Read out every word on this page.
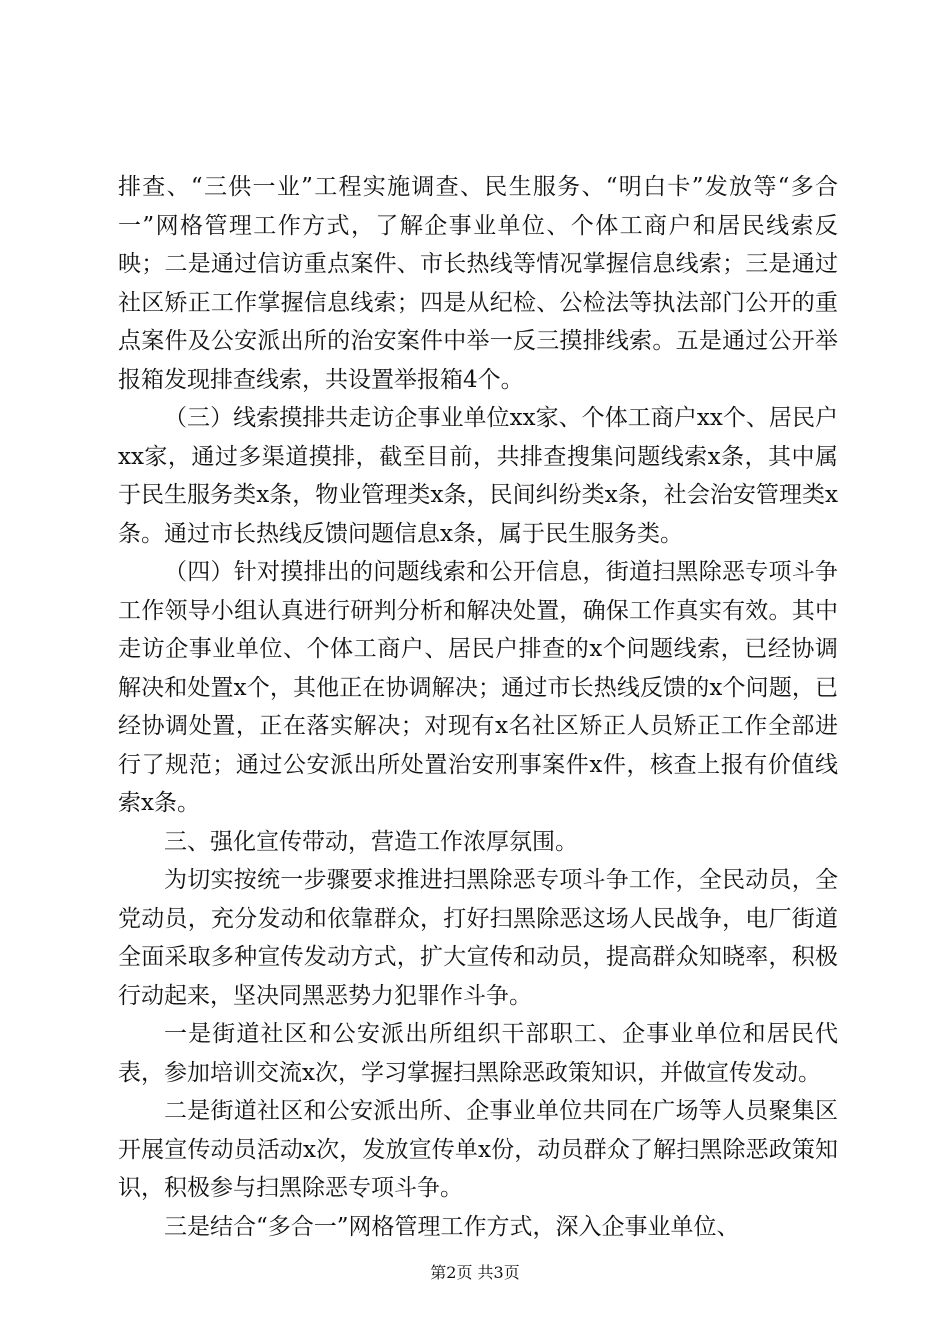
排查、“三供一业”工程实施调查、民生服务、“明白卡”发放等“多合一”网格管理工作方式，了解企事业单位、个体工商户和居民线索反映；二是通过信访重点案件、市长热线等情况掌握信息线索；三是通过社区矫正工作掌握信息线索；四是从纪检、公检法等执法部门公开的重点案件及公安派出所的治安案件中举一反三摸排线索。五是通过公开举报箱发现排查线索，共设置举报箱4个。

（三）线索摸排共走访企事业单位xx家、个体工商户xx个、居民户xx家，通过多渠道摸排，截至目前，共排查搜集问题线索x条，其中属于民生服务类x条，物业管理类x条，民间纠纷类x条，社会治安管理类x条。通过市长热线反馈问题信息x条，属于民生服务类。

（四）针对摸排出的问题线索和公开信息，街道扫黑除恶专项斗争工作领导小组认真进行研判分析和解决处置，确保工作真实有效。其中走访企事业单位、个体工商户、居民户排查的x个问题线索，已经协调解决和处置x个，其他正在协调解决；通过市长热线反馈的x个问题，已经协调处置，正在落实解决；对现有x名社区矫正人员矫正工作全部进行了规范；通过公安派出所处置治安刑事案件x件，核查上报有价值线索x条。

三、强化宣传带动，营造工作浓厚氛围。

为切实按统一步骤要求推进扫黑除恶专项斗争工作，全民动员，全党动员，充分发动和依靠群众，打好扫黑除恶这场人民战争，电厂街道全面采取多种宣传发动方式，扩大宣传和动员，提高群众知晓率，积极行动起来，坚决同黑恶势力犯罪作斗争。

一是街道社区和公安派出所组织干部职工、企事业单位和居民代表，参加培训交流x次，学习掌握扫黑除恶政策知识，并做宣传发动。

二是街道社区和公安派出所、企事业单位共同在广场等人员聚集区开展宣传动员活动x次，发放宣传单x份，动员群众了解扫黑除恶政策知识，积极参与扫黑除恶专项斗争。

三是结合“多合一”网格管理工作方式，深入企事业单位、

第2页 共3页
